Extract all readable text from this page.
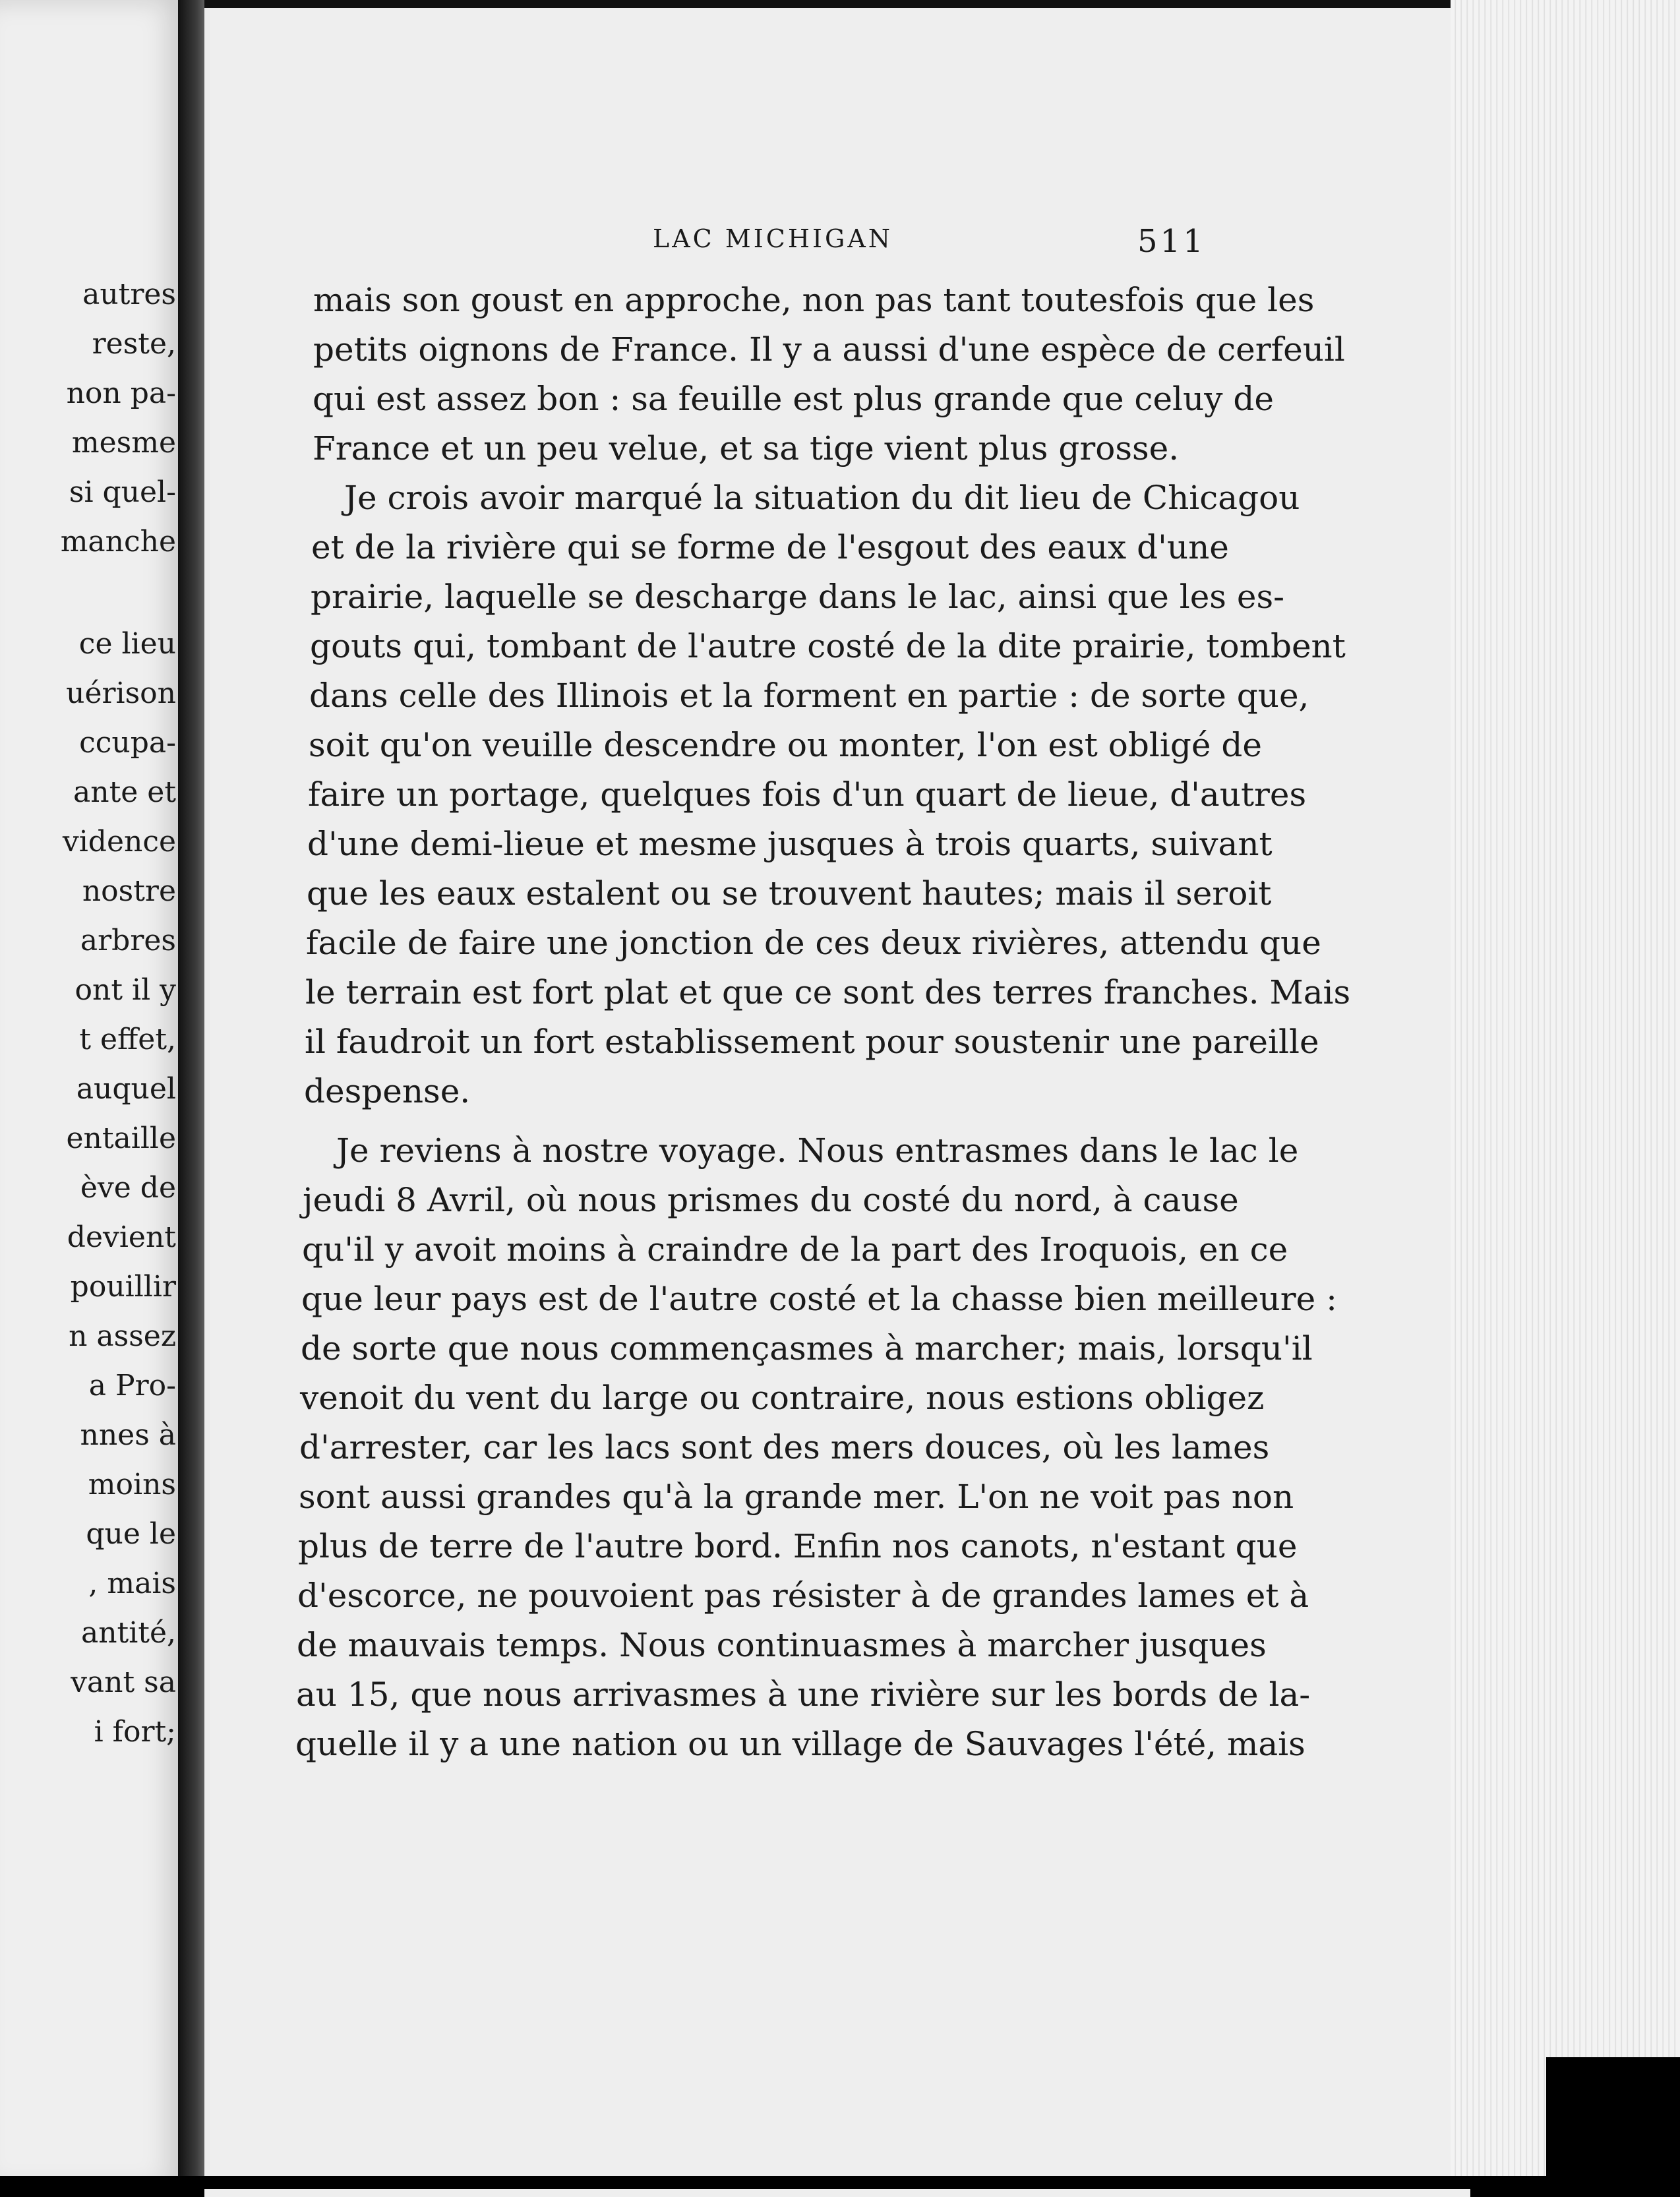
autres
reste,
non pa-
mesme
si quel-
manche
ce lieu
uérison
ccupa-
ante et
vidence
nostre
arbres
ont il y
t effet,
auquel
entaille
ève de
devient
pouillir
n assez
a Pro-
nnes à
moins
que le
, mais
antité,
vant sa
i fort;
LAC MICHIGAN	511
mais son goust en approche, non pas tant toutesfois que les
petits oignons de France. Il y a aussi d'une espèce de cerfeuil
qui est assez bon : sa feuille est plus grande que celuy de
France et un peu velue, et sa tige vient plus grosse.
Je crois avoir marqué la situation du dit lieu de Chicagou
et de la rivière qui se forme de l'esgout des eaux d'une
prairie, laquelle se descharge dans le lac, ainsi que les es-
gouts qui, tombant de l'autre costé de la dite prairie, tombent
dans celle des Illinois et la forment en partie : de sorte que,
soit qu'on veuille descendre ou monter, l'on est obligé de
faire un portage, quelques fois d'un quart de lieue, d'autres
d'une demi-lieue et mesme jusques à trois quarts, suivant
que les eaux estalent ou se trouvent hautes; mais il seroit
facile de faire une jonction de ces deux rivières, attendu que
le terrain est fort plat et que ce sont des terres franches. Mais
il faudroit un fort establissement pour soustenir une pareille
despense.
Je reviens à nostre voyage. Nous entrasmes dans le lac le
jeudi 8 Avril, où nous prismes du costé du nord, à cause
qu'il y avoit moins à craindre de la part des Iroquois, en ce
que leur pays est de l'autre costé et la chasse bien meilleure :
de sorte que nous commençasmes à marcher; mais, lorsqu'il
venoit du vent du large ou contraire, nous estions obligez
d'arrester, car les lacs sont des mers douces, où les lames
sont aussi grandes qu'à la grande mer. L'on ne voit pas non
plus de terre de l'autre bord. Enfin nos canots, n'estant que
d'escorce, ne pouvoient pas résister à de grandes lames et à
de mauvais temps. Nous continuasmes à marcher jusques
au 15, que nous arrivasmes à une rivière sur les bords de la-
quelle il y a une nation ou un village de Sauvages l'été, mais
